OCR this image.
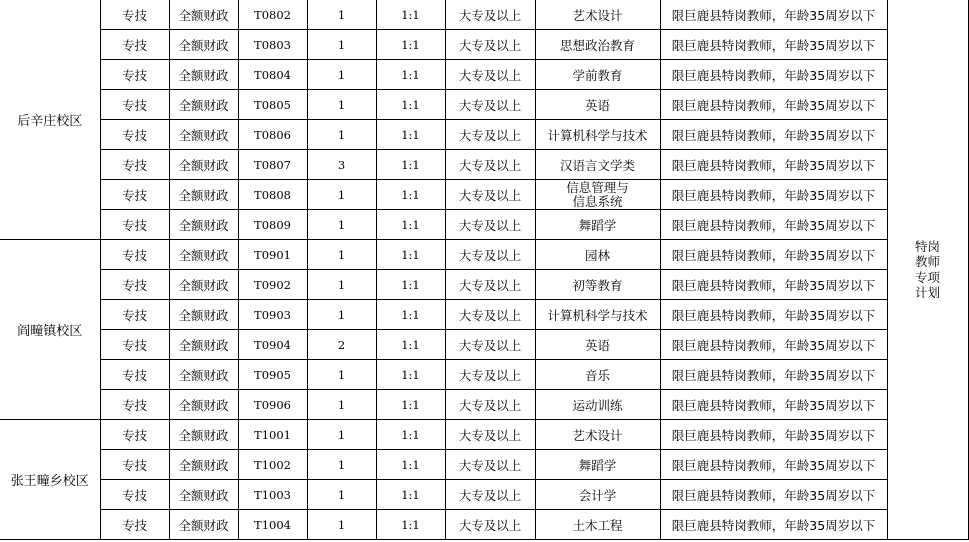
后辛庄校区	专技	全额财政	T0802	1	1:1	大专及以上	艺术设计	限巨鹿县特岗教师，年龄35周岁以下	特岗
教师
专项
计划

	专技	全额财政	T0803	1	1:1	大专及以上	思想政治教育	限巨鹿县特岗教师，年龄35周岁以下	
	专技	全额财政	T0804	1	1:1	大专及以上	学前教育	限巨鹿县特岗教师，年龄35周岁以下	
	专技	全额财政	T0805	1	1:1	大专及以上	英语	限巨鹿县特岗教师，年龄35周岁以下	
	专技	全额财政	T0806	1	1:1	大专及以上	计算机科学与技术	限巨鹿县特岗教师，年龄35周岁以下	
	专技	全额财政	T0807	3	1:1	大专及以上	汉语言文学类	限巨鹿县特岗教师，年龄35周岁以下	
	专技	全额财政	T0808	1	1:1	大专及以上	信息管理与
信息系统	限巨鹿县特岗教师，年龄35周岁以下	
	专技	全额财政	T0809	1	1:1	大专及以上	舞蹈学	限巨鹿县特岗教师，年龄35周岁以下	
阎疃镇校区	专技	全额财政	T0901	1	1:1	大专及以上	园林	限巨鹿县特岗教师，年龄35周岁以下	
	专技	全额财政	T0902	1	1:1	大专及以上	初等教育	限巨鹿县特岗教师，年龄35周岁以下	
	专技	全额财政	T0903	1	1:1	大专及以上	计算机科学与技术	限巨鹿县特岗教师，年龄35周岁以下	
	专技	全额财政	T0904	2	1:1	大专及以上	英语	限巨鹿县特岗教师，年龄35周岁以下	
	专技	全额财政	T0905	1	1:1	大专及以上	音乐	限巨鹿县特岗教师，年龄35周岁以下	
	专技	全额财政	T0906	1	1:1	大专及以上	运动训练	限巨鹿县特岗教师，年龄35周岁以下	
张王疃乡校区	专技	全额财政	T1001	1	1:1	大专及以上	艺术设计	限巨鹿县特岗教师，年龄35周岁以下	
	专技	全额财政	T1002	1	1:1	大专及以上	舞蹈学	限巨鹿县特岗教师，年龄35周岁以下	
	专技	全额财政	T1003	1	1:1	大专及以上	会计学	限巨鹿县特岗教师，年龄35周岁以下	
	专技	全额财政	T1004	1	1:1	大专及以上	土木工程	限巨鹿县特岗教师，年龄35周岁以下	
